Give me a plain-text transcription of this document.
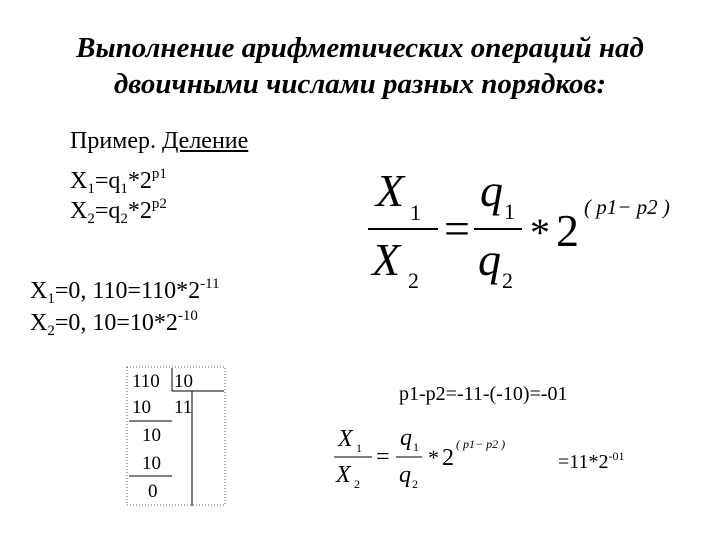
Выполнение арифметических операций над
двоичными числами разных порядков:
Пример. Деление
$X_1=q_1*2^{p1}$
$X_2=q_2*2^{p2}$	X 1
X 2
=
q 1
q 2
* 2 ( p1− p2 )
$X_1=0$, $110=110*2^{-11}$
$X_2=0$, $10=10*2^{-10}$
110 10
10 11
10
10
0
p1-p2=-11-(-10)=-01
X 1
X 2
=
q 1
q 2
* 2
( p1− p2 )
$=11*2^{-01}$
